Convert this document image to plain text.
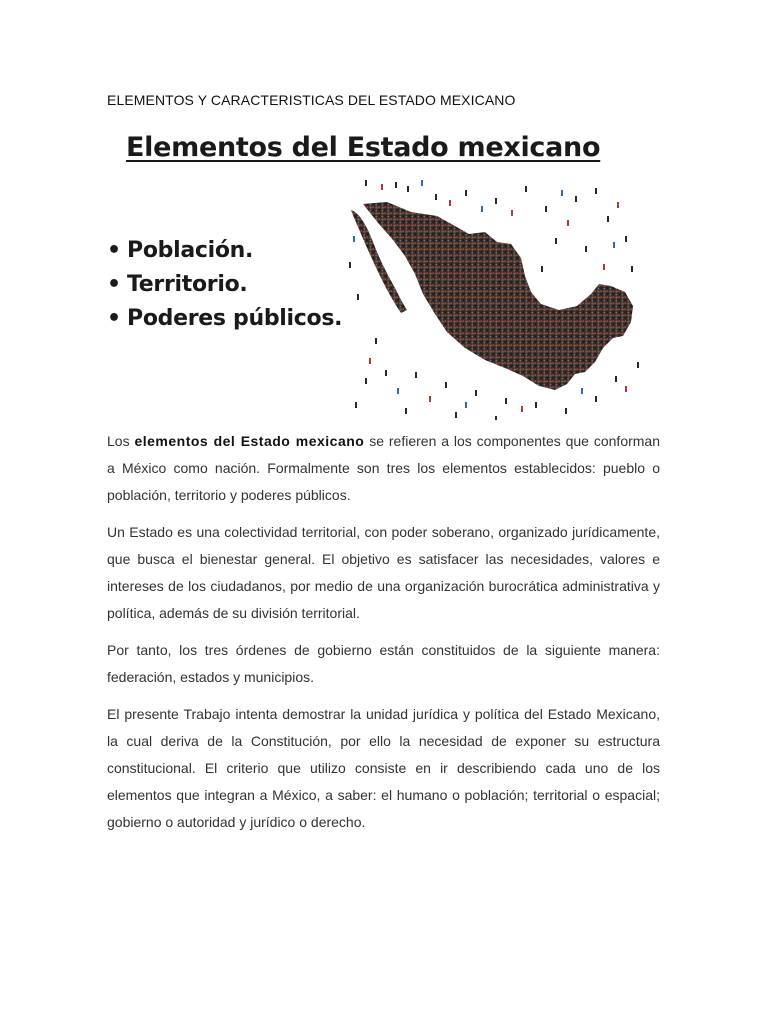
ELEMENTOS Y CARACTERISTICAS DEL ESTADO MEXICANO
Elementos del Estado mexicano
• Población.
• Territorio.
• Poderes públicos.

Los elementos del Estado mexicano se refieren a los componentes que conforman a México como nación. Formalmente son tres los elementos establecidos: pueblo o población, territorio y poderes públicos.

Un Estado es una colectividad territorial, con poder soberano, organizado jurídicamente, que busca el bienestar general. El objetivo es satisfacer las necesidades, valores e intereses de los ciudadanos, por medio de una organización burocrática administrativa y política, además de su división territorial.

Por tanto, los tres órdenes de gobierno están constituidos de la siguiente manera: federación, estados y municipios.

El presente Trabajo intenta demostrar la unidad jurídica y política del Estado Mexicano, la cual deriva de la Constitución, por ello la necesidad de exponer su estructura constitucional. El criterio que utilizo consiste en ir describiendo cada uno de los elementos que integran a México, a saber: el humano o población; territorial o espacial; gobierno o autoridad y jurídico o derecho.
